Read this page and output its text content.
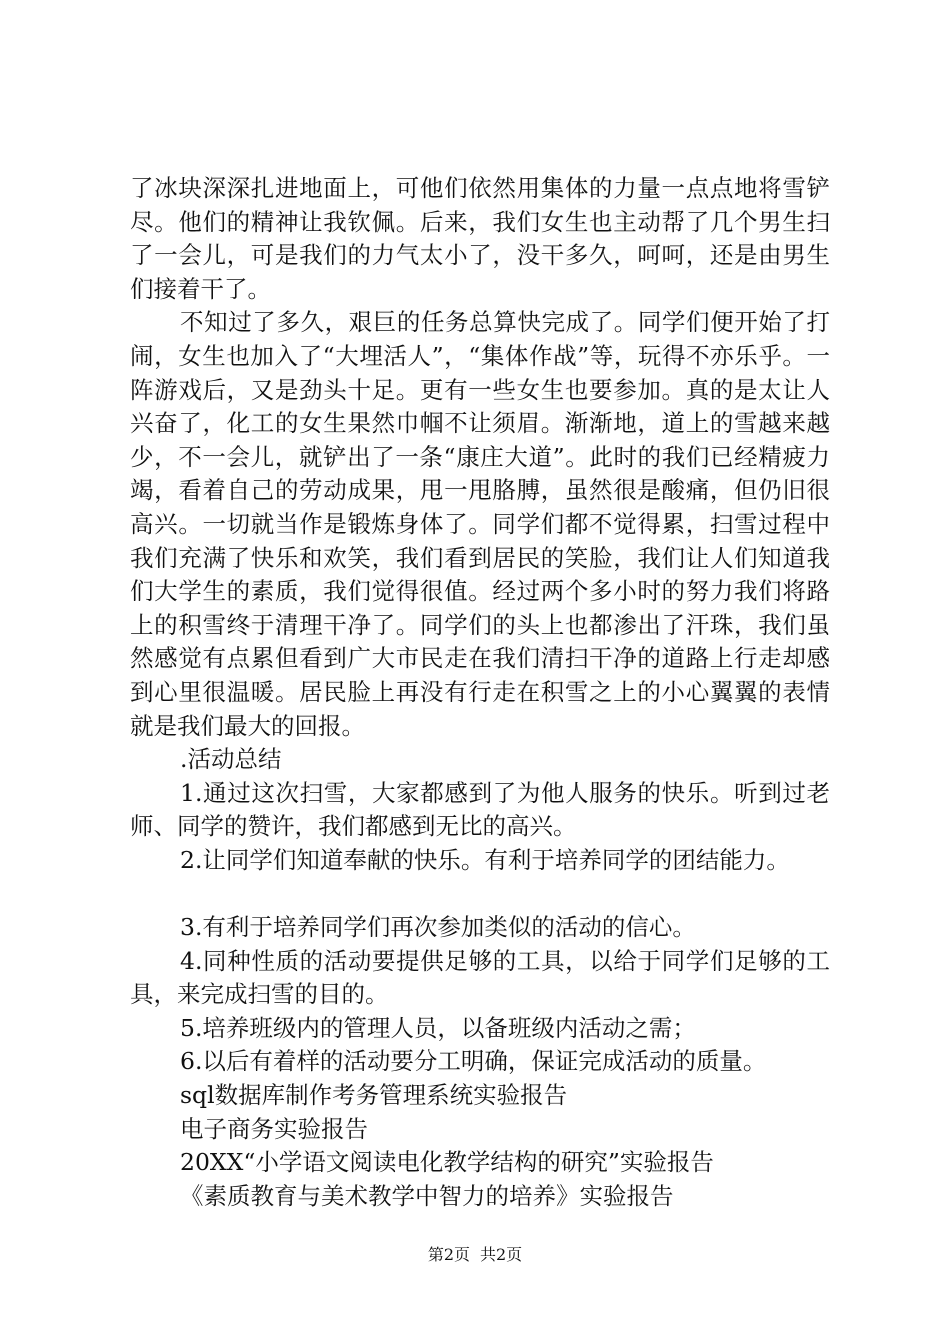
了冰块深深扎进地面上，可他们依然用集体的力量一点点地将雪铲尽。他们的精神让我钦佩。后来，我们女生也主动帮了几个男生扫了一会儿，可是我们的力气太小了，没干多久，呵呵，还是由男生们接着干了。

不知过了多久，艰巨的任务总算快完成了。同学们便开始了打闹，女生也加入了“大埋活人”，“集体作战”等，玩得不亦乐乎。一阵游戏后，又是劲头十足。更有一些女生也要参加。真的是太让人兴奋了，化工的女生果然巾帼不让须眉。渐渐地，道上的雪越来越少，不一会儿，就铲出了一条“康庄大道”。此时的我们已经精疲力竭，看着自己的劳动成果，甩一甩胳膊，虽然很是酸痛，但仍旧很高兴。一切就当作是锻炼身体了。同学们都不觉得累，扫雪过程中我们充满了快乐和欢笑，我们看到居民的笑脸，我们让人们知道我们大学生的素质，我们觉得很值。经过两个多小时的努力我们将路上的积雪终于清理干净了。同学们的头上也都渗出了汗珠，我们虽然感觉有点累但看到广大市民走在我们清扫干净的道路上行走却感到心里很温暖。居民脸上再没有行走在积雪之上的小心翼翼的表情就是我们最大的回报。

.活动总结

1.通过这次扫雪，大家都感到了为他人服务的快乐。听到过老师、同学的赞许，我们都感到无比的高兴。

2.让同学们知道奉献的快乐。有利于培养同学的团结能力。

3.有利于培养同学们再次参加类似的活动的信心。

4.同种性质的活动要提供足够的工具，以给于同学们足够的工具，来完成扫雪的目的。

5.培养班级内的管理人员，以备班级内活动之需；

6.以后有着样的活动要分工明确，保证完成活动的质量。

sql数据库制作考务管理系统实验报告

电子商务实验报告

20XX“小学语文阅读电化教学结构的研究”实验报告

《素质教育与美术教学中智力的培养》实验报告

第2页 共2页
